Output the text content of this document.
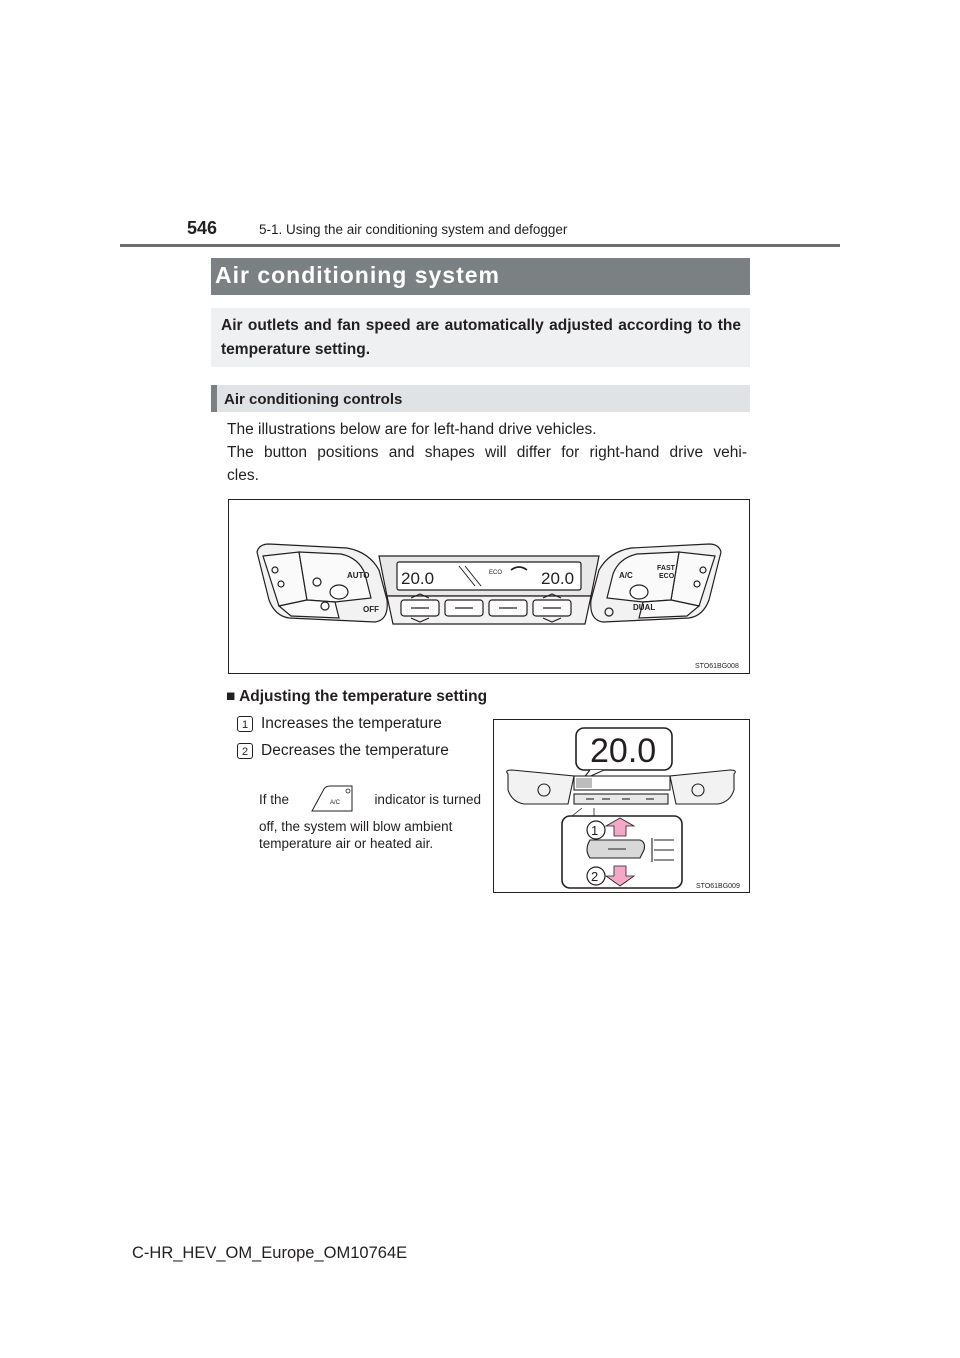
546	5-1. Using the air conditioning system and defogger
Air conditioning system
Air outlets and fan speed are automatically adjusted according to the temperature setting.
Air conditioning controls
The illustrations below are for left-hand drive vehicles.
The button positions and shapes will differ for right-hand drive vehi-
cles.
AUTO
OFF
A/C
FAST
ECO
DUAL
ECO
20.0	20.0
STO61BG008
■ Adjusting the temperature setting
1 Increases the temperature
2 Decreases the temperature
If the	A/C	indicator is turned
off, the system will blow ambient temperature air or heated air.
1
2
20.0
STO61BG009
C-HR_HEV_OM_Europe_OM10764E
